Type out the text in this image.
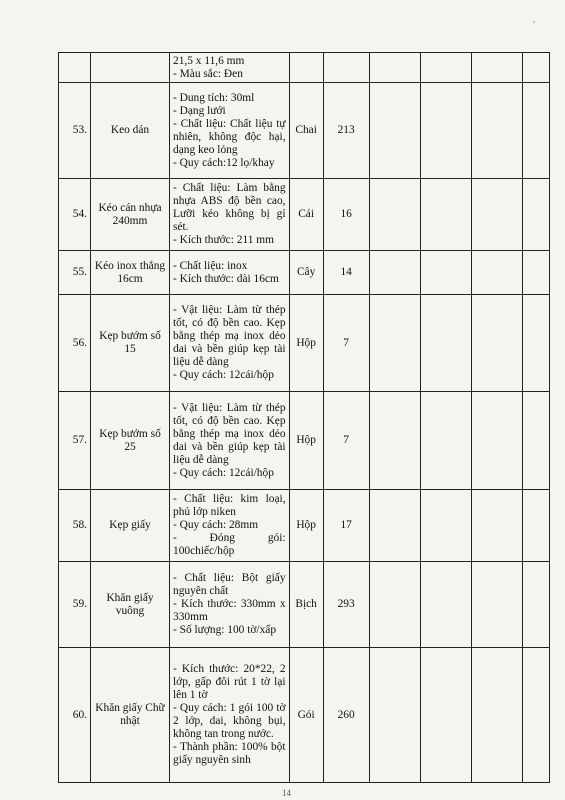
'

		21,5 x 11,6 mm
- Màu sắc: Đen						

53.	Keo dán	- Dung tích: 30ml
- Dạng lưới
- Chất liệu: Chất liệu tự nhiên, không độc hại, dạng keo lỏng
- Quy cách:12 lọ/khay	Chai	213				
54.	Kéo cán nhựa 240mm	- Chất liệu: Làm bằng nhựa ABS độ bền cao, Lưỡi kéo không bị gỉ sét.
- Kích thước: 211 mm	Cái	16				
55.	Kéo inox thẳng 16cm	- Chất liệu: inox
- Kích thước: dài 16cm	Cây	14				
56.	Kẹp bướm số 15	- Vật liệu: Làm từ thép tốt, có độ bền cao. Kẹp bằng thép mạ inox dẻo dai và bền giúp kẹp tài liệu dễ dàng
- Quy cách: 12cái/hộp	Hộp	7				
57.	Kẹp bướm số 25	- Vật liệu: Làm từ thép tốt, có độ bền cao. Kẹp bằng thép mạ inox dẻo dai và bền giúp kẹp tài liệu dễ dàng
- Quy cách: 12cái/hộp	Hộp	7				
58.	Kẹp giấy	- Chất liệu: kim loại, phủ lớp niken
- Quy cách: 28mm
- Đóng gói: 100chiếc/hộp	Hộp	17				
59.	Khăn giấy vuông	- Chất liệu: Bột giấy nguyên chất
- Kích thước: 330mm x 330mm
- Số lượng: 100 tờ/xấp	Bịch	293				
60.	Khăn giấy Chữ nhật	- Kích thước: 20*22, 2 lớp, gấp đôi rút 1 tờ lại lên 1 tờ
- Quy cách: 1 gói 100 tờ 2 lớp, dai, không bụi, không tan trong nước.
- Thành phần: 100% bột giấy nguyên sinh	Gói	260				
14
